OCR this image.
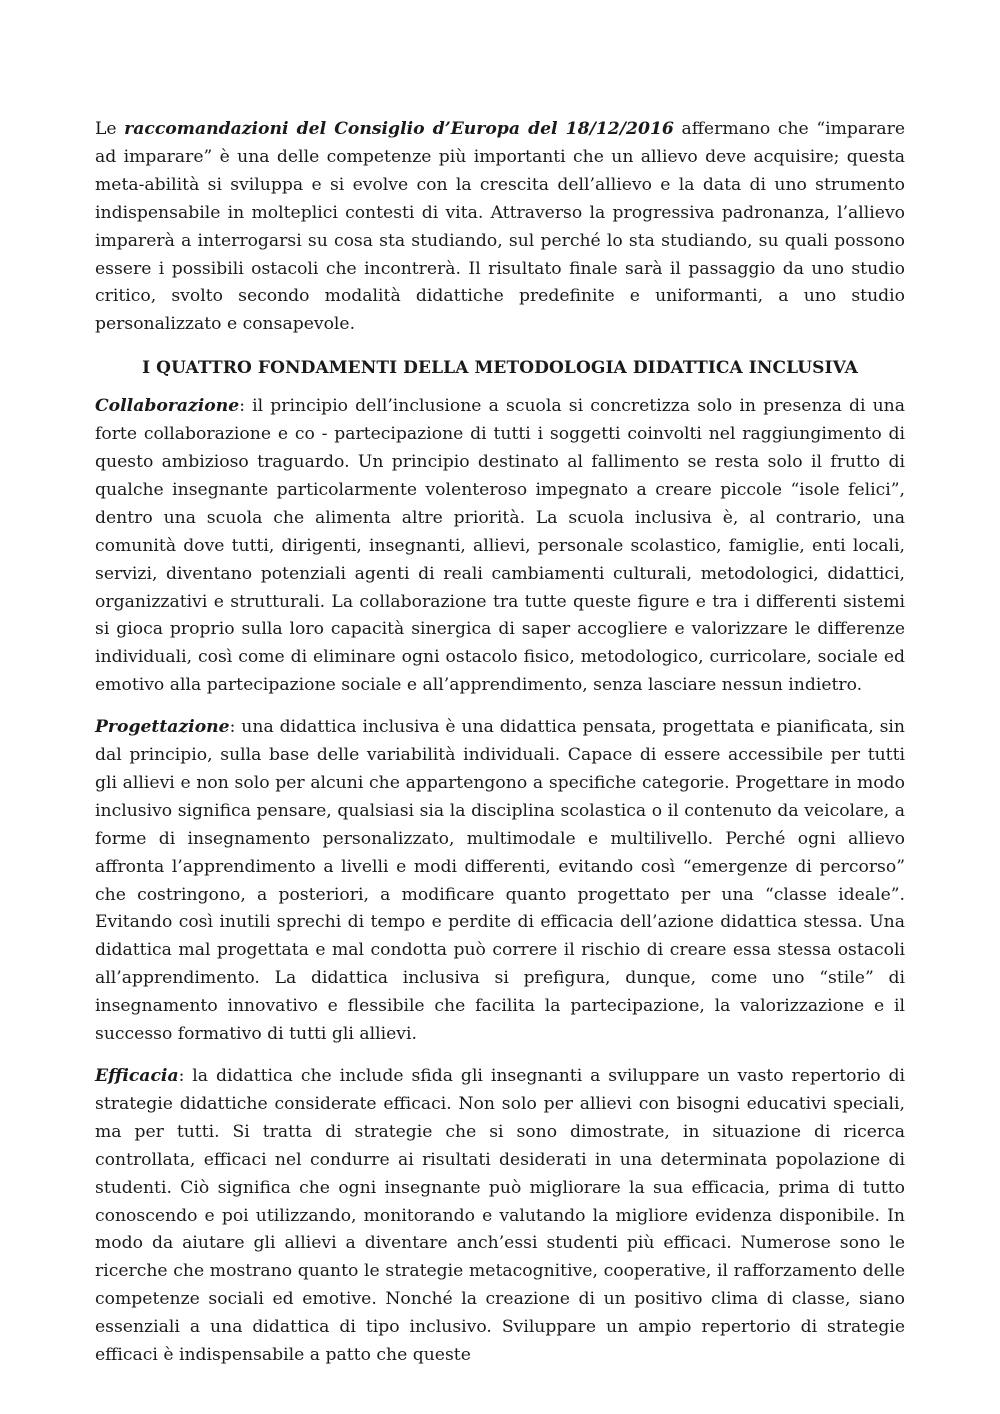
Le raccomandazioni del Consiglio d’Europa del 18/12/2016 affermano che “imparare ad imparare” è una delle competenze più importanti che un allievo deve acquisire; questa meta-abilità si sviluppa e si evolve con la crescita dell’allievo e la data di uno strumento indispensabile in molteplici contesti di vita. Attraverso la progressiva padronanza, l’allievo imparerà a interrogarsi su cosa sta studiando, sul perché lo sta studiando, su quali possono essere i possibili ostacoli che incontrerà. Il risultato finale sarà il passaggio da uno studio critico, svolto secondo modalità didattiche predefinite e uniformanti, a uno studio personalizzato e consapevole.

I QUATTRO FONDAMENTI DELLA METODOLOGIA DIDATTICA INCLUSIVA

Collaborazione: il principio dell’inclusione a scuola si concretizza solo in presenza di una forte collaborazione e co - partecipazione di tutti i soggetti coinvolti nel raggiungimento di questo ambizioso traguardo. Un principio destinato al fallimento se resta solo il frutto di qualche insegnante particolarmente volenteroso impegnato a creare piccole “isole felici”, dentro una scuola che alimenta altre priorità. La scuola inclusiva è, al contrario, una comunità dove tutti, dirigenti, insegnanti, allievi, personale scolastico, famiglie, enti locali, servizi, diventano potenziali agenti di reali cambiamenti culturali, metodologici, didattici, organizzativi e strutturali. La collaborazione tra tutte queste figure e tra i differenti sistemi si gioca proprio sulla loro capacità sinergica di saper accogliere e valorizzare le differenze individuali, così come di eliminare ogni ostacolo fisico, metodologico, curricolare, sociale ed emotivo alla partecipazione sociale e all’apprendimento, senza lasciare nessun indietro.

Progettazione: una didattica inclusiva è una didattica pensata, progettata e pianificata, sin dal principio, sulla base delle variabilità individuali. Capace di essere accessibile per tutti gli allievi e non solo per alcuni che appartengono a specifiche categorie. Progettare in modo inclusivo significa pensare, qualsiasi sia la disciplina scolastica o il contenuto da veicolare, a forme di insegnamento personalizzato, multimodale e multilivello. Perché ogni allievo affronta l’apprendimento a livelli e modi differenti, evitando così “emergenze di percorso” che costringono, a posteriori, a modificare quanto progettato per una “classe ideale”. Evitando così inutili sprechi di tempo e perdite di efficacia dell’azione didattica stessa. Una didattica mal progettata e mal condotta può correre il rischio di creare essa stessa ostacoli all’apprendimento. La didattica inclusiva si prefigura, dunque, come uno “stile” di insegnamento innovativo e flessibile che facilita la partecipazione, la valorizzazione e il successo formativo di tutti gli allievi.

Efficacia: la didattica che include sfida gli insegnanti a sviluppare un vasto repertorio di strategie didattiche considerate efficaci. Non solo per allievi con bisogni educativi speciali, ma per tutti. Si tratta di strategie che si sono dimostrate, in situazione di ricerca controllata, efficaci nel condurre ai risultati desiderati in una determinata popolazione di studenti. Ciò significa che ogni insegnante può migliorare la sua efficacia, prima di tutto conoscendo e poi utilizzando, monitorando e valutando la migliore evidenza disponibile. In modo da aiutare gli allievi a diventare anch’essi studenti più efficaci. Numerose sono le ricerche che mostrano quanto le strategie metacognitive, cooperative, il rafforzamento delle competenze sociali ed emotive. Nonché la creazione di un positivo clima di classe, siano essenziali a una didattica di tipo inclusivo. Sviluppare un ampio repertorio di strategie efficaci è indispensabile a patto che queste
